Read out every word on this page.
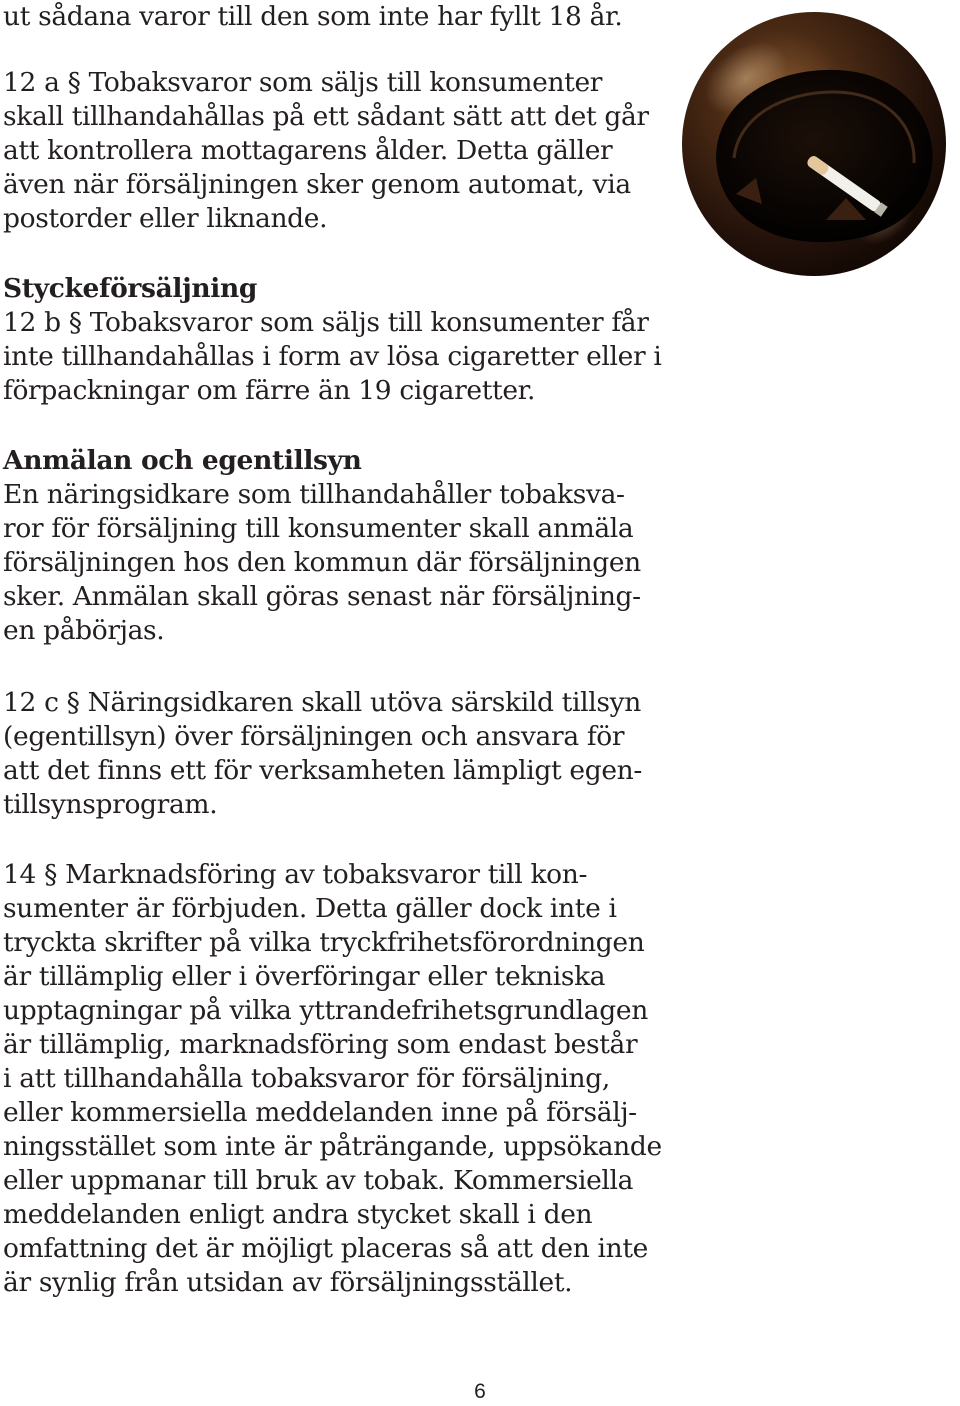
ut sådana varor till den som inte har fyllt 18 år.
12 a § Tobaksvaror som säljs till konsumenter
skall tillhandahållas på ett sådant sätt att det går
att kontrollera mottagarens ålder. Detta gäller
även när försäljningen sker genom automat, via
postorder eller liknande.
Styckeförsäljning
12 b § Tobaksvaror som säljs till konsumenter får
inte tillhandahållas i form av lösa cigaretter eller i
förpackningar om färre än 19 cigaretter.
Anmälan och egentillsyn
En näringsidkare som tillhandahåller tobaksva-
ror för försäljning till konsumenter skall anmäla
försäljningen hos den kommun där försäljningen
sker. Anmälan skall göras senast när försäljning-
en påbörjas.
12 c § Näringsidkaren skall utöva särskild tillsyn
(egentillsyn) över försäljningen och ansvara för
att det finns ett för verksamheten lämpligt egen-
tillsynsprogram.
14 § Marknadsföring av tobaksvaror till kon-
sumenter är förbjuden. Detta gäller dock inte i
tryckta skrifter på vilka tryckfrihetsförordningen
är tillämplig eller i överföringar eller tekniska
upptagningar på vilka yttrandefrihetsgrundlagen
är tillämplig, marknadsföring som endast består
i att tillhandahålla tobaksvaror för försäljning,
eller kommersiella meddelanden inne på försälj-
ningsstället som inte är påträngande, uppsökande
eller uppmanar till bruk av tobak. Kommersiella
meddelanden enligt andra stycket skall i den
omfattning det är möjligt placeras så att den inte
är synlig från utsidan av försäljningsstället.
6
